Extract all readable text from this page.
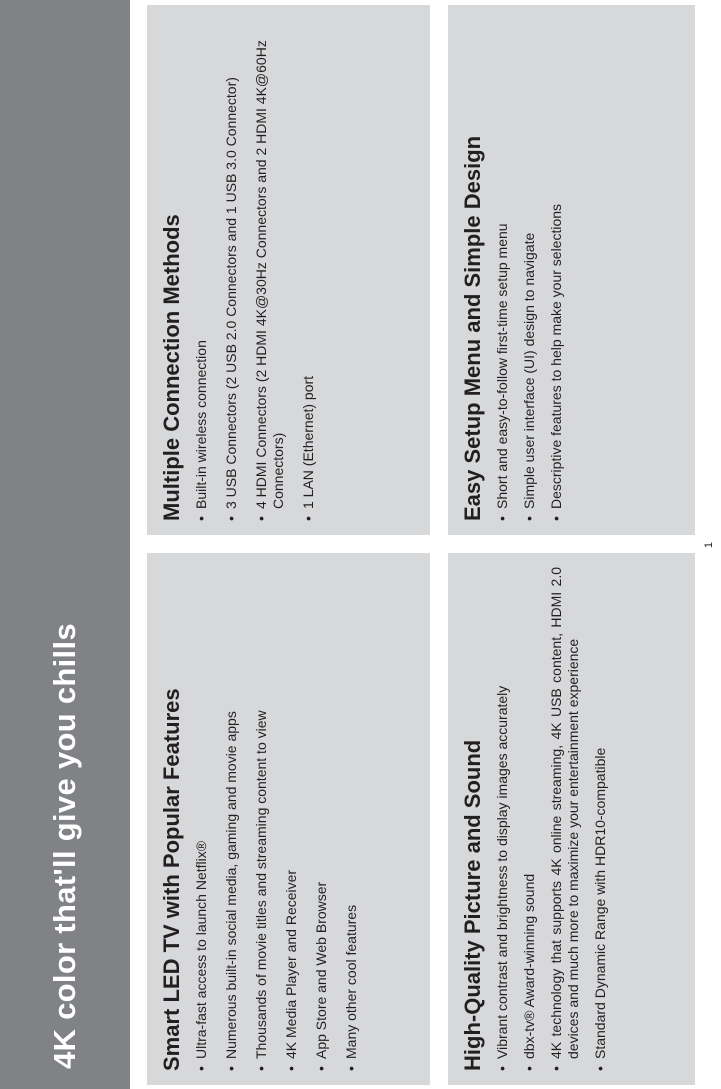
4K color that'll give you chills	Smart LED TV with Popular Features • Ultra-fast access to launch Netflix® • Numerous built-in social media, gaming and movie apps • Thousands of movie titles and streaming content to view • 4K Media Player and Receiver • App Store and Web Browser • Many other cool features	High-Quality Picture and Sound • Vibrant contrast and brightness to display images accurately • dbx-tv® Award-winning sound • 4K technology that supports 4K online streaming, 4K USB content, HDMI 2.0 devices and much more to maximize your entertainment experience • Standard Dynamic Range with HDR10-compatible
Multiple Connection Methods • Built-in wireless connection • 3 USB Connectors (2 USB 2.0 Connectors and 1 USB 3.0 Connector) • 4 HDMI Connectors (2 HDMI 4K@30Hz Connectors and 2 HDMI 4K@60Hz Connectors) • 1 LAN (Ethernet) port	Easy Setup Menu and Simple Design • Short and easy-to-follow first-time setup menu • Simple user interface (UI) design to navigate • Descriptive features to help make your selections
1
